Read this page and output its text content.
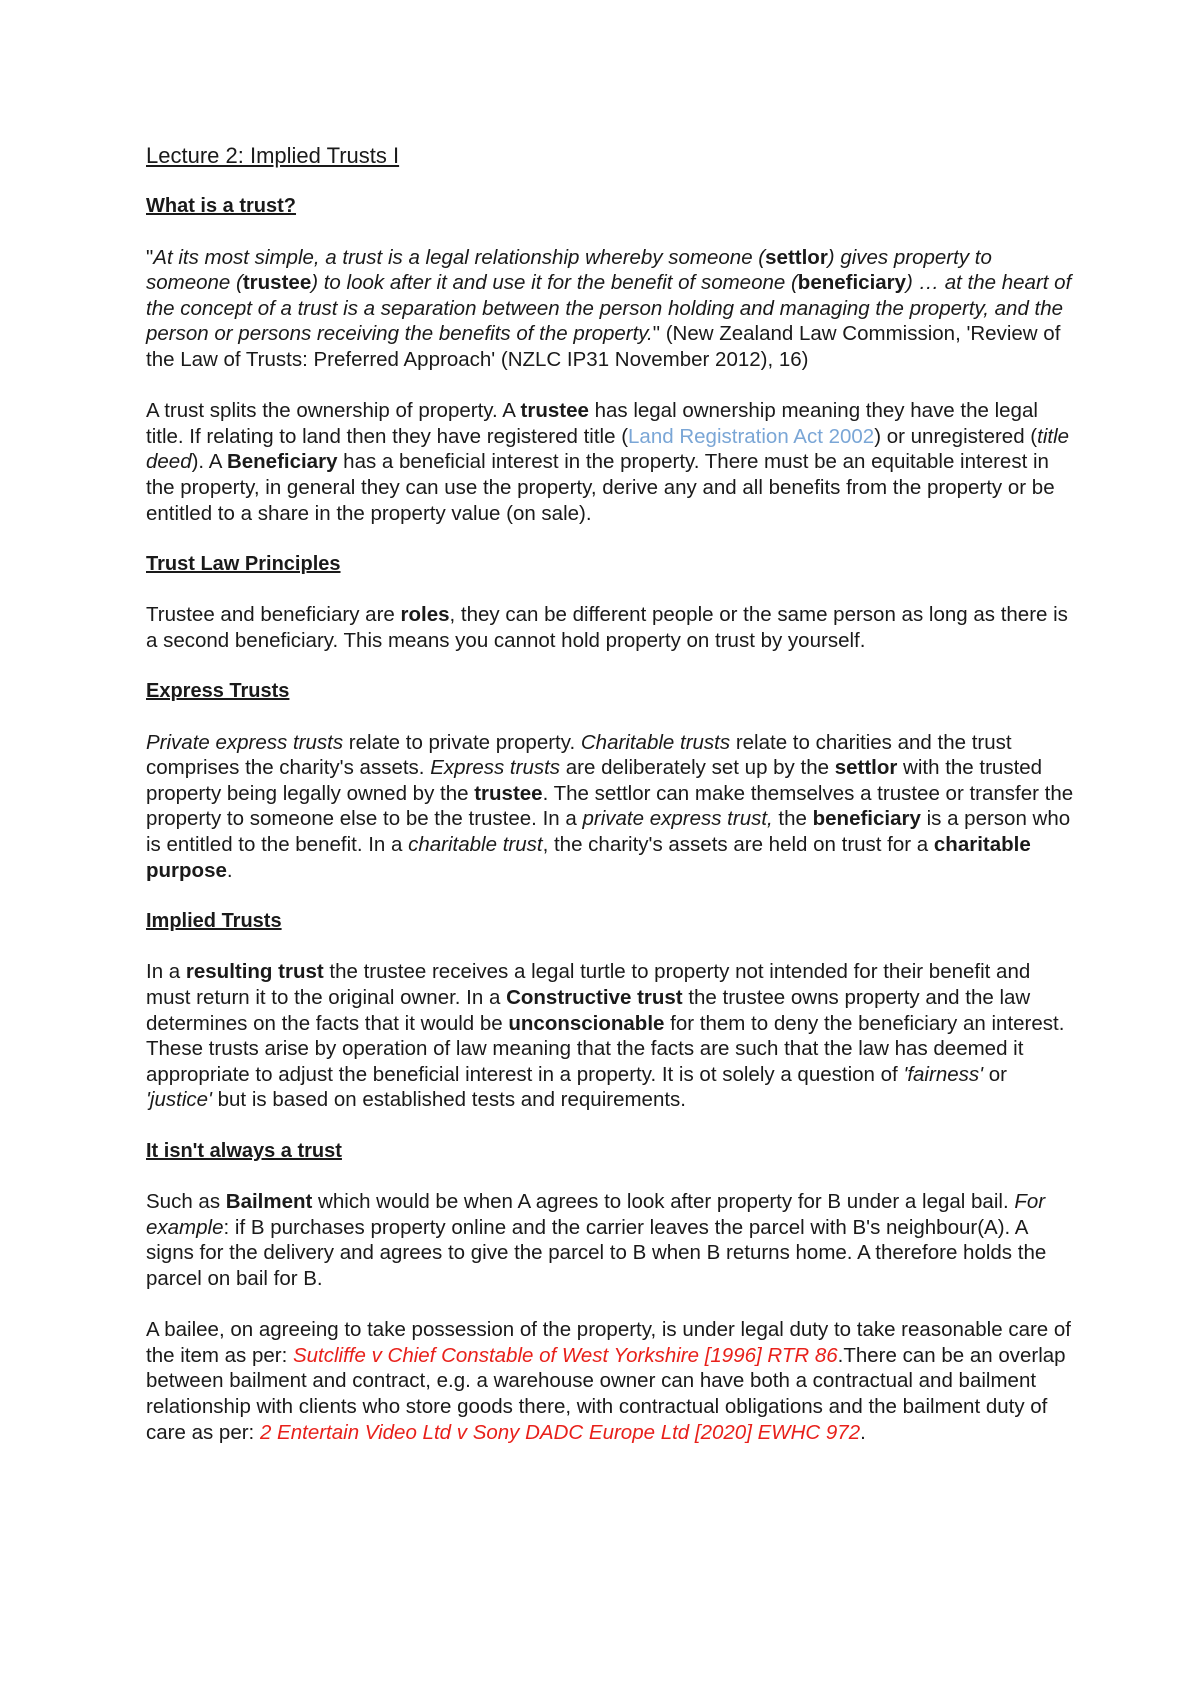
Lecture 2: Implied Trusts I
What is a trust?

"At its most simple, a trust is a legal relationship whereby someone (settlor) gives property to someone (trustee) to look after it and use it for the benefit of someone (beneficiary) … at the heart of the concept of a trust is a separation between the person holding and managing the property, and the person or persons receiving the benefits of the property." (New Zealand Law Commission, 'Review of the Law of Trusts: Preferred Approach' (NZLC IP31 November 2012), 16)

A trust splits the ownership of property. A trustee has legal ownership meaning they have the legal title. If relating to land then they have registered title (Land Registration Act 2002) or unregistered (title deed). A Beneficiary has a beneficial interest in the property. There must be an equitable interest in the property, in general they can use the property, derive any and all benefits from the property or be entitled to a share in the property value (on sale).

Trust Law Principles

Trustee and beneficiary are roles, they can be different people or the same person as long as there is a second beneficiary. This means you cannot hold property on trust by yourself.

Express Trusts

Private express trusts relate to private property. Charitable trusts relate to charities and the trust comprises the charity's assets. Express trusts are deliberately set up by the settlor with the trusted property being legally owned by the trustee. The settlor can make themselves a trustee or transfer the property to someone else to be the trustee. In a private express trust, the beneficiary is a person who is entitled to the benefit. In a charitable trust, the charity's assets are held on trust for a charitable purpose.

Implied Trusts

In a resulting trust the trustee receives a legal turtle to property not intended for their benefit and must return it to the original owner. In a Constructive trust the trustee owns property and the law determines on the facts that it would be unconscionable for them to deny the beneficiary an interest. These trusts arise by operation of law meaning that the facts are such that the law has deemed it appropriate to adjust the beneficial interest in a property. It is ot solely a question of 'fairness' or 'justice' but is based on established tests and requirements.

It isn't always a trust

Such as Bailment which would be when A agrees to look after property for B under a legal bail. For example: if B purchases property online and the carrier leaves the parcel with B's neighbour(A). A signs for the delivery and agrees to give the parcel to B when B returns home. A therefore holds the parcel on bail for B.

A bailee, on agreeing to take possession of the property, is under legal duty to take reasonable care of the item as per: Sutcliffe v Chief Constable of West Yorkshire [1996] RTR 86.There can be an overlap between bailment and contract, e.g. a warehouse owner can have both a contractual and bailment relationship with clients who store goods there, with contractual obligations and the bailment duty of care as per: 2 Entertain Video Ltd v Sony DADC Europe Ltd [2020] EWHC 972.
